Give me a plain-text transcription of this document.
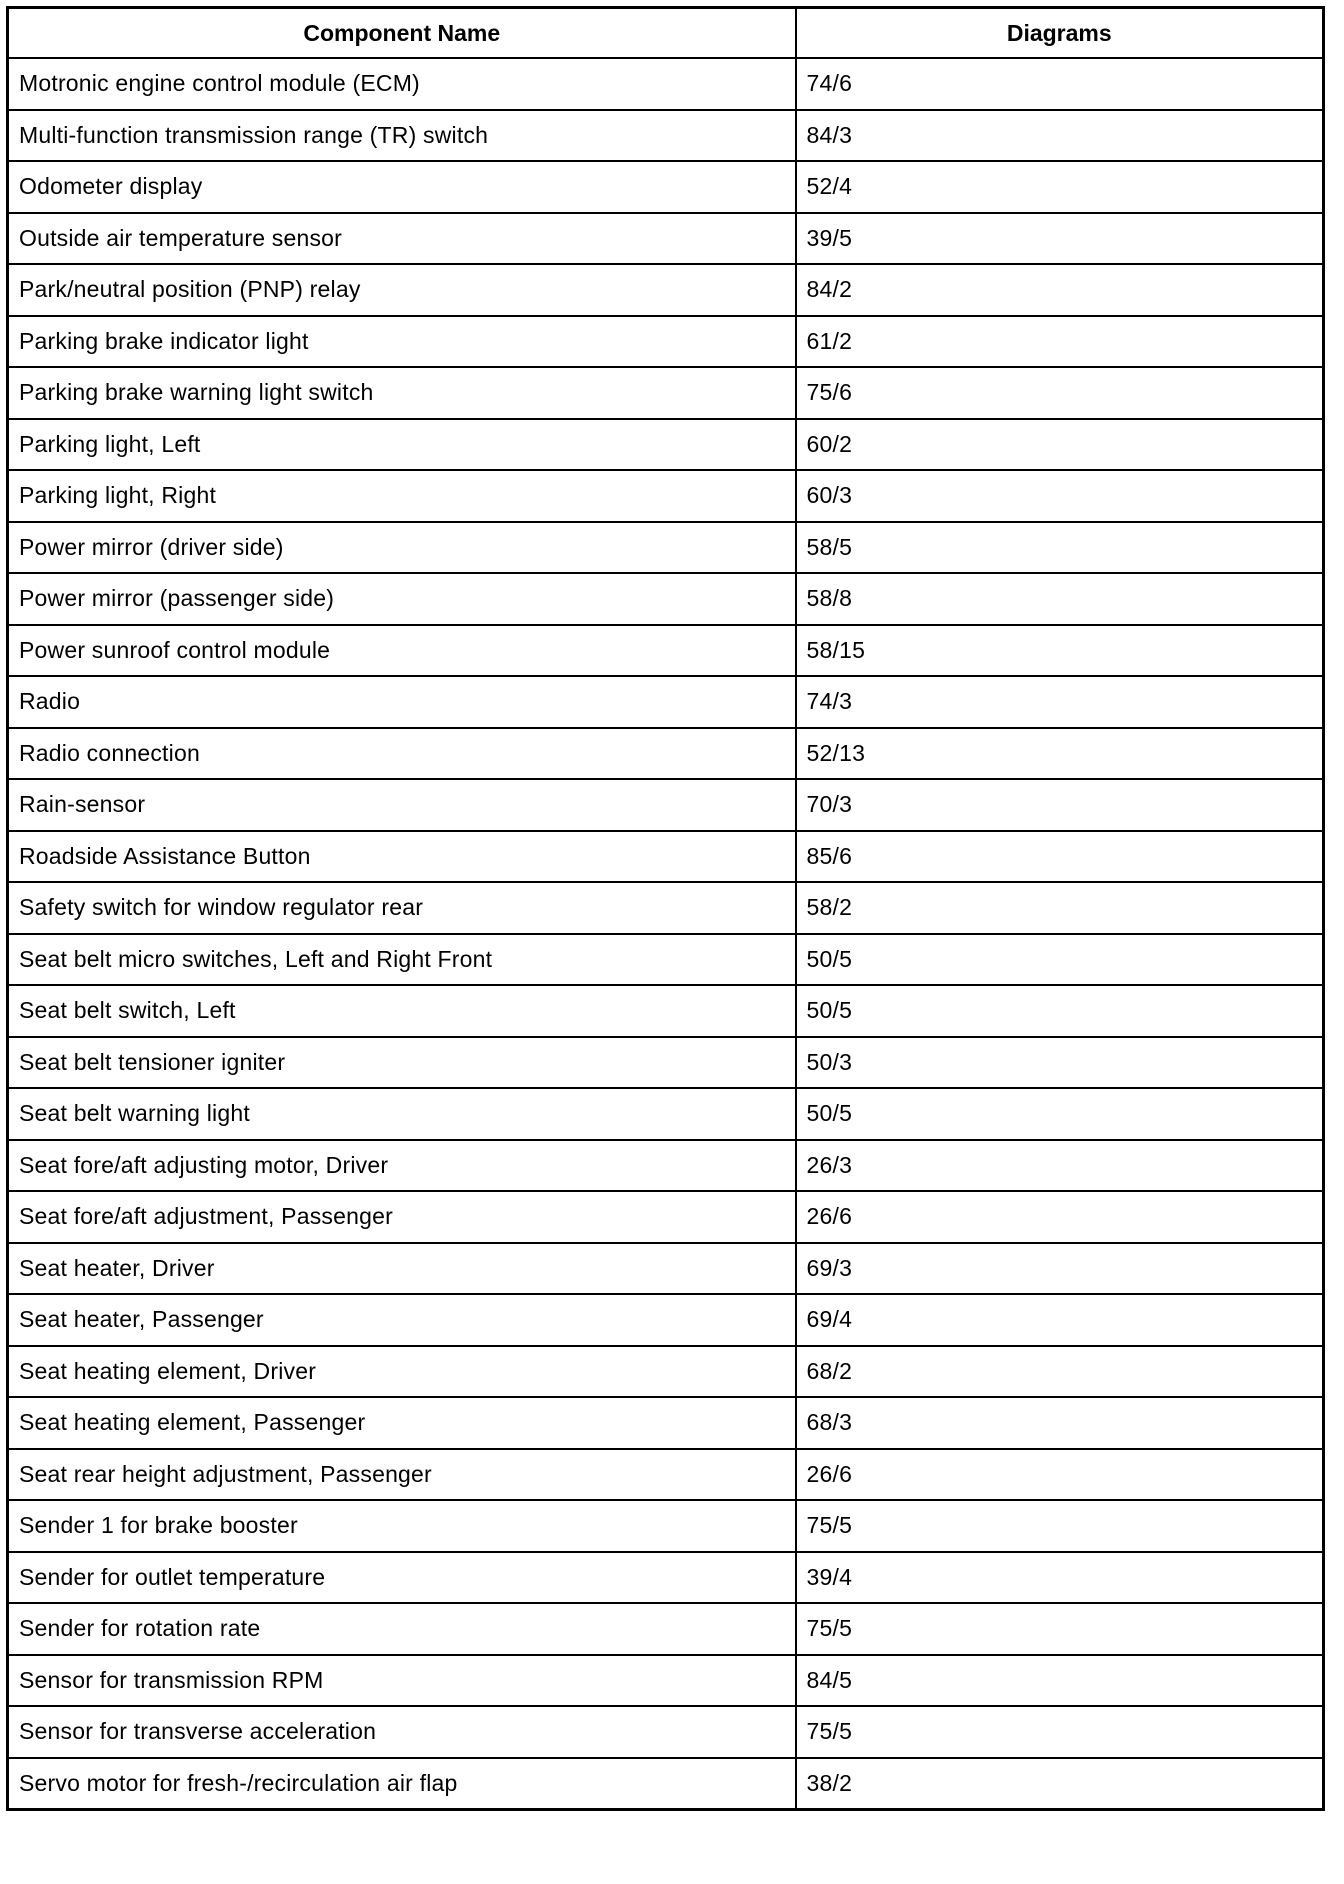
Component Name	Diagrams
Motronic engine control module (ECM)	74/6
Multi-function transmission range (TR) switch	84/3
Odometer display	52/4
Outside air temperature sensor	39/5
Park/neutral position (PNP) relay	84/2
Parking brake indicator light	61/2
Parking brake warning light switch	75/6
Parking light, Left	60/2
Parking light, Right	60/3
Power mirror (driver side)	58/5
Power mirror (passenger side)	58/8
Power sunroof control module	58/15
Radio	74/3
Radio connection	52/13
Rain-sensor	70/3
Roadside Assistance Button	85/6
Safety switch for window regulator rear	58/2
Seat belt micro switches, Left and Right Front	50/5
Seat belt switch, Left	50/5
Seat belt tensioner igniter	50/3
Seat belt warning light	50/5
Seat fore/aft adjusting motor, Driver	26/3
Seat fore/aft adjustment, Passenger	26/6
Seat heater, Driver	69/3
Seat heater, Passenger	69/4
Seat heating element, Driver	68/2
Seat heating element, Passenger	68/3
Seat rear height adjustment, Passenger	26/6
Sender 1 for brake booster	75/5
Sender for outlet temperature	39/4
Sender for rotation rate	75/5
Sensor for transmission RPM	84/5
Sensor for transverse acceleration	75/5
Servo motor for fresh-/recirculation air flap	38/2
